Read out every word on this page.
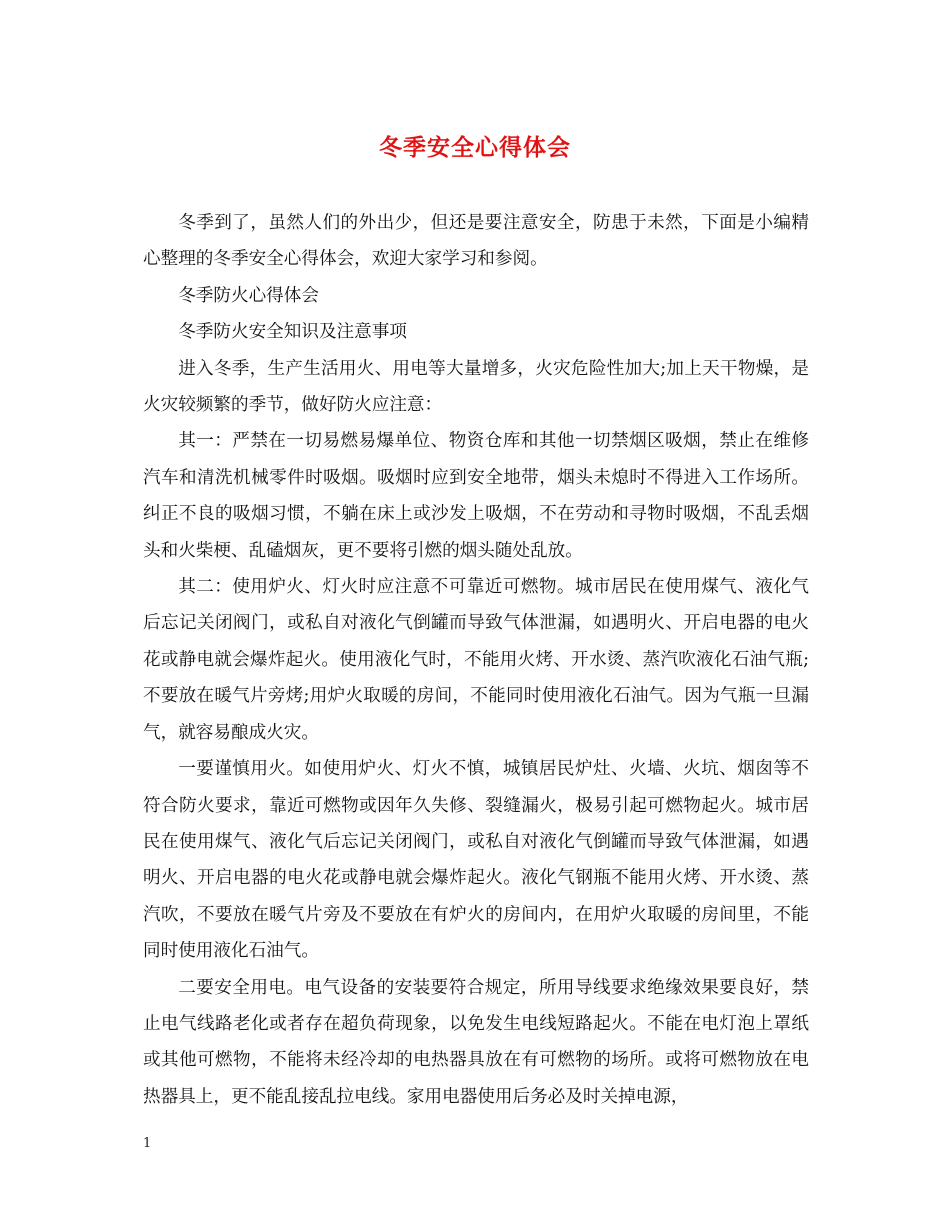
冬季安全心得体会

冬季到了，虽然人们的外出少，但还是要注意安全，防患于未然，下面是小编精心整理的冬季安全心得体会，欢迎大家学习和参阅。

冬季防火心得体会

冬季防火安全知识及注意事项

进入冬季，生产生活用火、用电等大量增多，火灾危险性加大;加上天干物燥，是火灾较频繁的季节，做好防火应注意：

其一：严禁在一切易燃易爆单位、物资仓库和其他一切禁烟区吸烟，禁止在维修汽车和清洗机械零件时吸烟。吸烟时应到安全地带，烟头未熄时不得进入工作场所。纠正不良的吸烟习惯，不躺在床上或沙发上吸烟，不在劳动和寻物时吸烟，不乱丢烟头和火柴梗、乱磕烟灰，更不要将引燃的烟头随处乱放。

其二：使用炉火、灯火时应注意不可靠近可燃物。城市居民在使用煤气、液化气后忘记关闭阀门，或私自对液化气倒罐而导致气体泄漏，如遇明火、开启电器的电火花或静电就会爆炸起火。使用液化气时，不能用火烤、开水烫、蒸汽吹液化石油气瓶;不要放在暖气片旁烤;用炉火取暖的房间，不能同时使用液化石油气。因为气瓶一旦漏气，就容易酿成火灾。

一要谨慎用火。如使用炉火、灯火不慎，城镇居民炉灶、火墙、火坑、烟囱等不符合防火要求，靠近可燃物或因年久失修、裂缝漏火，极易引起可燃物起火。城市居民在使用煤气、液化气后忘记关闭阀门，或私自对液化气倒罐而导致气体泄漏，如遇明火、开启电器的电火花或静电就会爆炸起火。液化气钢瓶不能用火烤、开水烫、蒸汽吹，不要放在暖气片旁及不要放在有炉火的房间内，在用炉火取暖的房间里，不能同时使用液化石油气。

二要安全用电。电气设备的安装要符合规定，所用导线要求绝缘效果要良好，禁止电气线路老化或者存在超负荷现象，以免发生电线短路起火。不能在电灯泡上罩纸或其他可燃物，不能将未经冷却的电热器具放在有可燃物的场所。或将可燃物放在电热器具上，更不能乱接乱拉电线。家用电器使用后务必及时关掉电源，

1
